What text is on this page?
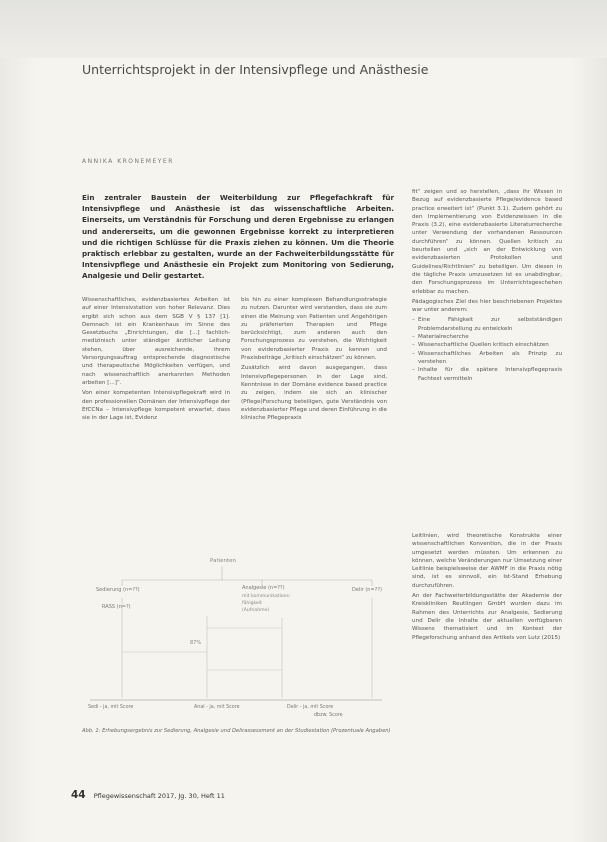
Unterrichtsprojekt in der Intensivpflege und Anästhesie
ANNIKA KRONEMEYER
Ein zentraler Baustein der Weiterbildung zur Pflegefachkraft für Intensivpflege und Anästhesie ist das wissenschaftliche Arbeiten. Einerseits, um Verständnis für Forschung und deren Ergebnisse zu erlangen und andererseits, um die gewonnen Ergebnisse korrekt zu interpretieren und die richtigen Schlüsse für die Praxis ziehen zu können. Um die Theorie praktisch erlebbar zu gestalten, wurde an der Fachweiterbildungsstätte für Intensivpflege und Anästhesie ein Projekt zum Monitoring von Sedierung, Analgesie und Delir gestartet.

Wissenschaftliches, evidenzbasiertes Arbeiten ist auf einer Intensivstation von hoher Relevanz. Dies ergibt sich schon aus dem SGB V § 137 [1]. Demnach ist ein Krankenhaus im Sinne des Gesetzbuchs „Einrichtungen, die [...] fachlich-medizinisch unter ständiger ärztlicher Leitung stehen, über ausreichende, ihrem Versorgungsauftrag entsprechende diagnostische und therapeutische Möglichkeiten verfügen, und nach wissenschaftlich anerkannten Methoden arbeiten [...]“.

Von einer kompetenten Intensivpflegekraft wird in den professionellen Domänen der Intensivpflege der EfCCNa – Intensivpflege kompetent erwartet, dass sie in der Lage ist, Evidenz

bis hin zu einer komplexen Behandlungsstrategie zu nutzen. Darunter wird verstanden, dass sie zum einen die Meinung von Patienten und Angehörigen zu präferierten Therapien und Pflege berücksichtigt, zum anderen auch den Forschungsprozess zu verstehen, die Wichtigkeit von evidenzbasierter Praxis zu kennen und Praxisbeiträge „kritisch einschätzen“ zu können.

Zusätzlich wird davon ausgegangen, dass Intensivpflegepersonen in der Lage sind, Kenntnisse in der Domäne evidence based practice zu zeigen, indem sie sich an klinischer (Pflege)Forschung beteiligen, gute Verständnis von evidenzbasierter Pflege und deren Einführung in die klinische Pflegepraxis

fit“ zeigen und so herstellen, „dass ihr Wissen in Bezug auf evidenzbasierte Pflege/evidence based practice erweitert ist“ (Punkt 3.1). Zudem gehört zu den Implementierung von Evidenzwissen in die Praxis (3.2), eine evidenzbasierte Literaturrecherche unter Verwendung der vorhandenen Ressourcen durchführen“ zu können. Quellen kritisch zu beurteilen und „sich an der Entwicklung von evidenzbasierten Protokollen und Guidelines/Richtlinien“ zu beteiligen. Um diesen in die tägliche Praxis umzusetzen ist es unabdingbar, den Forschungsprozess im Unterrichtsgeschehen erlebbar zu machen.

Pädagogisches Ziel des hier beschriebenen Projektes war unter anderem:

– Eine Fähigkeit zur selbstständigen Problemdarstellung zu entwickeln
– Materialrecherche
– Wissenschaftliche Quellen kritisch einschätzen
– Wissenschaftliches Arbeiten als Prinzip zu verstehen
– Inhalte für die spätere Intensivpflegepraxis Fachtext vermitteln
Patienten
Sedierung (n=??)
RASS (n=?)
Analgesie (n=??)
mit kommunikations-
fähigkeit
(Aufnahme)
Delir (n=??)
87%
Sedi - ja, mit Score	Anal - ja, mit Score	Delir - ja, mit Score
dbzw. Score
Abb. 1: Erhebungsergebnis zur Sedierung, Analgesie und Delirassessment an der Studiestation (Prozentuale Angaben)

Leitlinien, wird theoretische Konstrukte einer wissenschaftlichen Konvention, die in der Praxis umgesetzt werden müssten. Um erkennen zu können, welche Veränderungen nur Umsetzung einer Leitlinie beispielsweise der AWMF in die Praxis nötig sind, ist es sinnvoll, ein Ist-Stand Erhebung durchzuführen.

An der Fachweiterbildungsstätte der Akademie der Kreiskliniken Reutlingen GmbH wurden dazu im Rahmen des Unterrichts zur Analgesie, Sedierung und Delir die Inhalte der aktuellen verfügbaren Wissens thematisiert und im Kontext der Pflegeforschung anhand des Artikels von Lutz (2015)

44 Pflegewissenschaft 2017, Jg. 30, Heft 11
